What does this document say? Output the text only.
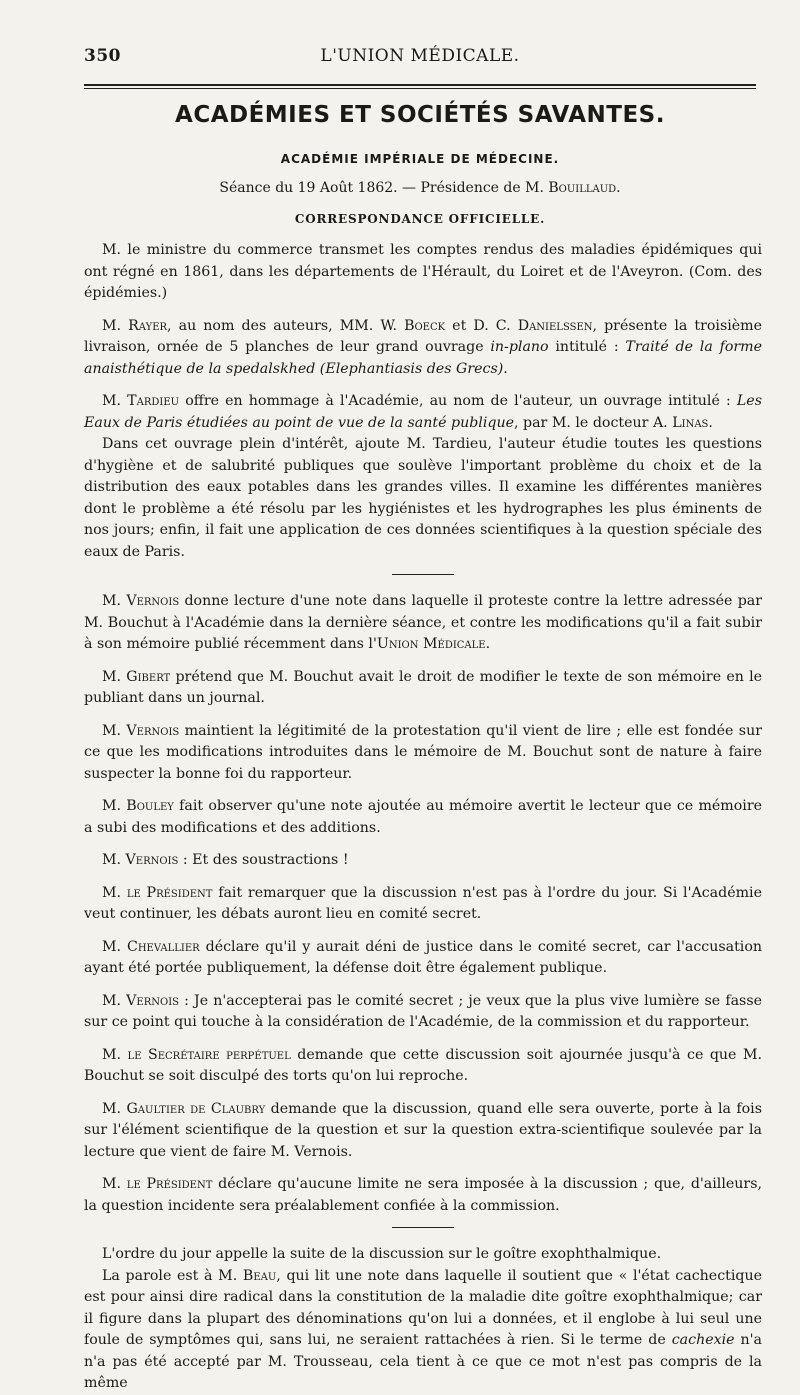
350	L'UNION MÉDICALE.
ACADÉMIES ET SOCIÉTÉS SAVANTES.
ACADÉMIE IMPÉRIALE DE MÉDECINE.
Séance du 19 Août 1862. — Présidence de M. Bouillaud.
CORRESPONDANCE OFFICIELLE.

M. le ministre du commerce transmet les comptes rendus des maladies épidémiques qui ont régné en 1861, dans les départements de l'Hérault, du Loiret et de l'Aveyron. (Com. des épidémies.)

M. Rayer, au nom des auteurs, MM. W. Boeck et D. C. Danielssen, présente la troisième livraison, ornée de 5 planches de leur grand ouvrage in-plano intitulé : Traité de la forme anaisthétique de la spedalskhed (Elephantiasis des Grecs).

M. Tardieu offre en hommage à l'Académie, au nom de l'auteur, un ouvrage intitulé : Les Eaux de Paris étudiées au point de vue de la santé publique, par M. le docteur A. Linas.

Dans cet ouvrage plein d'intérêt, ajoute M. Tardieu, l'auteur étudie toutes les questions d'hygiène et de salubrité publiques que soulève l'important problème du choix et de la distribution des eaux potables dans les grandes villes. Il examine les différentes manières dont le problème a été résolu par les hygiénistes et les hydrographes les plus éminents de nos jours; enfin, il fait une application de ces données scientifiques à la question spéciale des eaux de Paris.

M. Vernois donne lecture d'une note dans laquelle il proteste contre la lettre adressée par M. Bouchut à l'Académie dans la dernière séance, et contre les modifications qu'il a fait subir à son mémoire publié récemment dans l'Union Médicale.

M. Gibert prétend que M. Bouchut avait le droit de modifier le texte de son mémoire en le publiant dans un journal.

M. Vernois maintient la légitimité de la protestation qu'il vient de lire ; elle est fondée sur ce que les modifications introduites dans le mémoire de M. Bouchut sont de nature à faire suspecter la bonne foi du rapporteur.

M. Bouley fait observer qu'une note ajoutée au mémoire avertit le lecteur que ce mémoire a subi des modifications et des additions.

M. Vernois : Et des soustractions !

M. le Président fait remarquer que la discussion n'est pas à l'ordre du jour. Si l'Académie veut continuer, les débats auront lieu en comité secret.

M. Chevallier déclare qu'il y aurait déni de justice dans le comité secret, car l'accusation ayant été portée publiquement, la défense doit être également publique.

M. Vernois : Je n'accepterai pas le comité secret ; je veux que la plus vive lumière se fasse sur ce point qui touche à la considération de l'Académie, de la commission et du rapporteur.

M. le Secrétaire perpétuel demande que cette discussion soit ajournée jusqu'à ce que M. Bouchut se soit disculpé des torts qu'on lui reproche.

M. Gaultier de Claubry demande que la discussion, quand elle sera ouverte, porte à la fois sur l'élément scientifique de la question et sur la question extra-scientifique soulevée par la lecture que vient de faire M. Vernois.

M. le Président déclare qu'aucune limite ne sera imposée à la discussion ; que, d'ailleurs, la question incidente sera préalablement confiée à la commission.

L'ordre du jour appelle la suite de la discussion sur le goître exophthalmique.

La parole est à M. Beau, qui lit une note dans laquelle il soutient que « l'état cachectique est pour ainsi dire radical dans la constitution de la maladie dite goître exophthalmique; car il figure dans la plupart des dénominations qu'on lui a données, et il englobe à lui seul une foule de symptômes qui, sans lui, ne seraient rattachées à rien. Si le terme de cachexie n'a n'a pas été accepté par M. Trousseau, cela tient à ce que ce mot n'est pas compris de la même
